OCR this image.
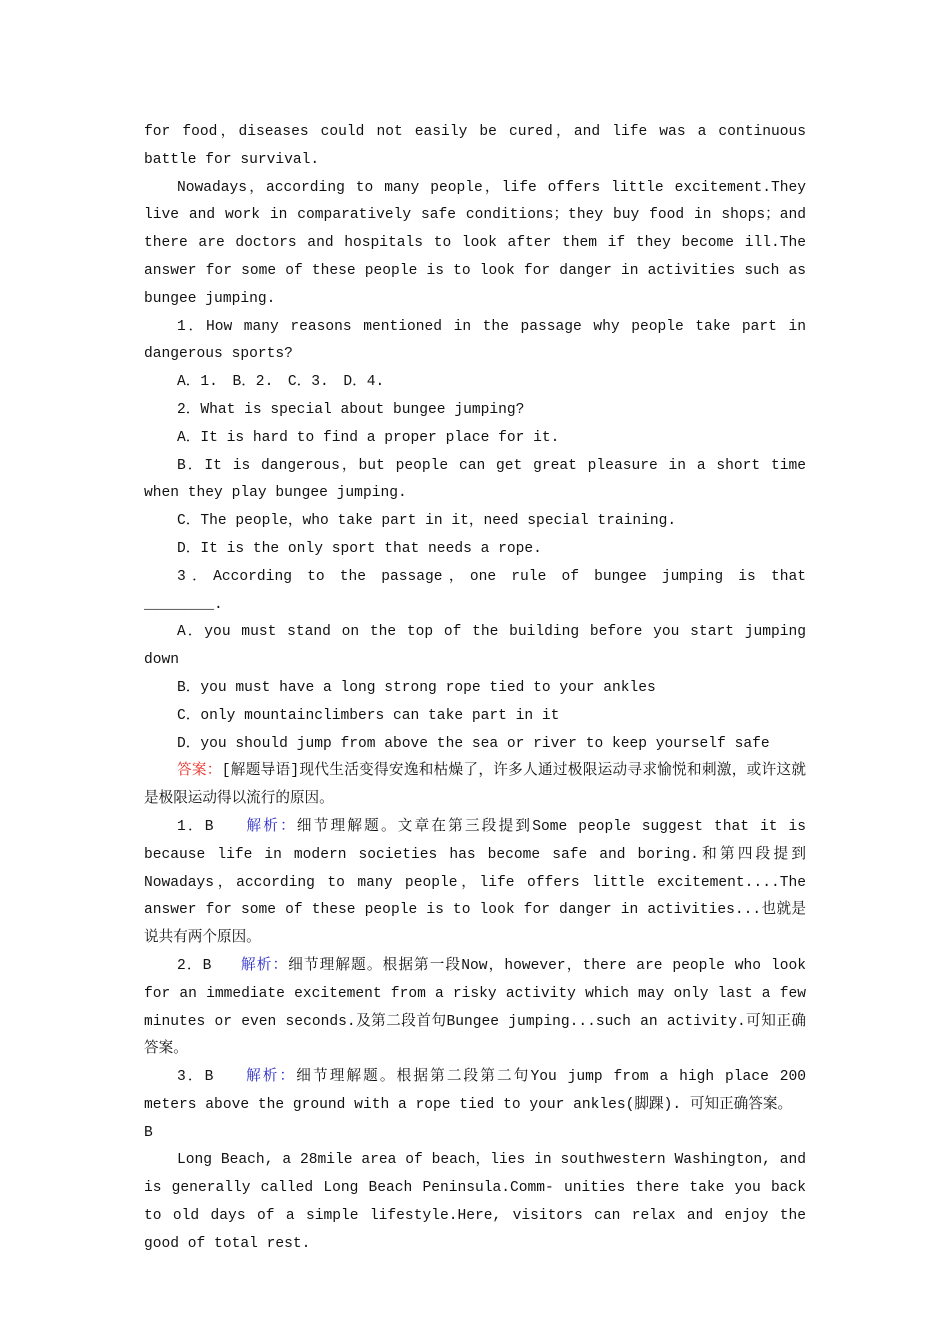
for food，diseases could not easily be cured，and life was a continuous battle for survival.

Nowadays，according to many people，life offers little excitement.They live and work in comparatively safe conditions；they buy food in shops；and there are doctors and hospitals to look after them if they become ill.The answer for some of these people is to look for danger in activities such as bungee jumping.

1．How many reasons mentioned in the passage why people take part in dangerous sports?

A．1.　B．2.　C．3.　D．4.

2．What is special about bungee jumping?

A．It is hard to find a proper place for it.

B．It is dangerous，but people can get great pleasure in a short time when they play bungee jumping.

C．The people，who take part in it，need special training.

D．It is the only sport that needs a rope.

3．According to the passage，one rule of bungee jumping is that ________.

A．you must stand on the top of the building before you start jumping down

B．you must have a long strong rope tied to your ankles

C．only mountainclimbers can take part in it

D．you should jump from above the sea or river to keep yourself safe

答案：[解题导语]现代生活变得安逸和枯燥了，许多人通过极限运动寻求愉悦和刺激，或许这就是极限运动得以流行的原因。

1．B 解析：细节理解题。文章在第三段提到Some people suggest that it is because life in modern societies has become safe and boring.和第四段提到Nowadays，according to many people，life offers little excitement....The answer for some of these people is to look for danger in activities...也就是说共有两个原因。

2．B 解析：细节理解题。根据第一段Now，however，there are people who look for an immediate excitement from a risky activity which may only last a few minutes or even seconds.及第二段首句Bungee jumping...such an activity.可知正确答案。

3．B 解析：细节理解题。根据第二段第二句You jump from a high place 200 meters above the ground with a rope tied to your ankles(脚踝). 可知正确答案。

B

Long Beach, a 28mile area of beach，lies in southwestern Washington, and is generally called Long Beach Peninsula.Comm- unities there take you back to old days of a simple lifestyle.Here, visitors can relax and enjoy the good of total rest.
